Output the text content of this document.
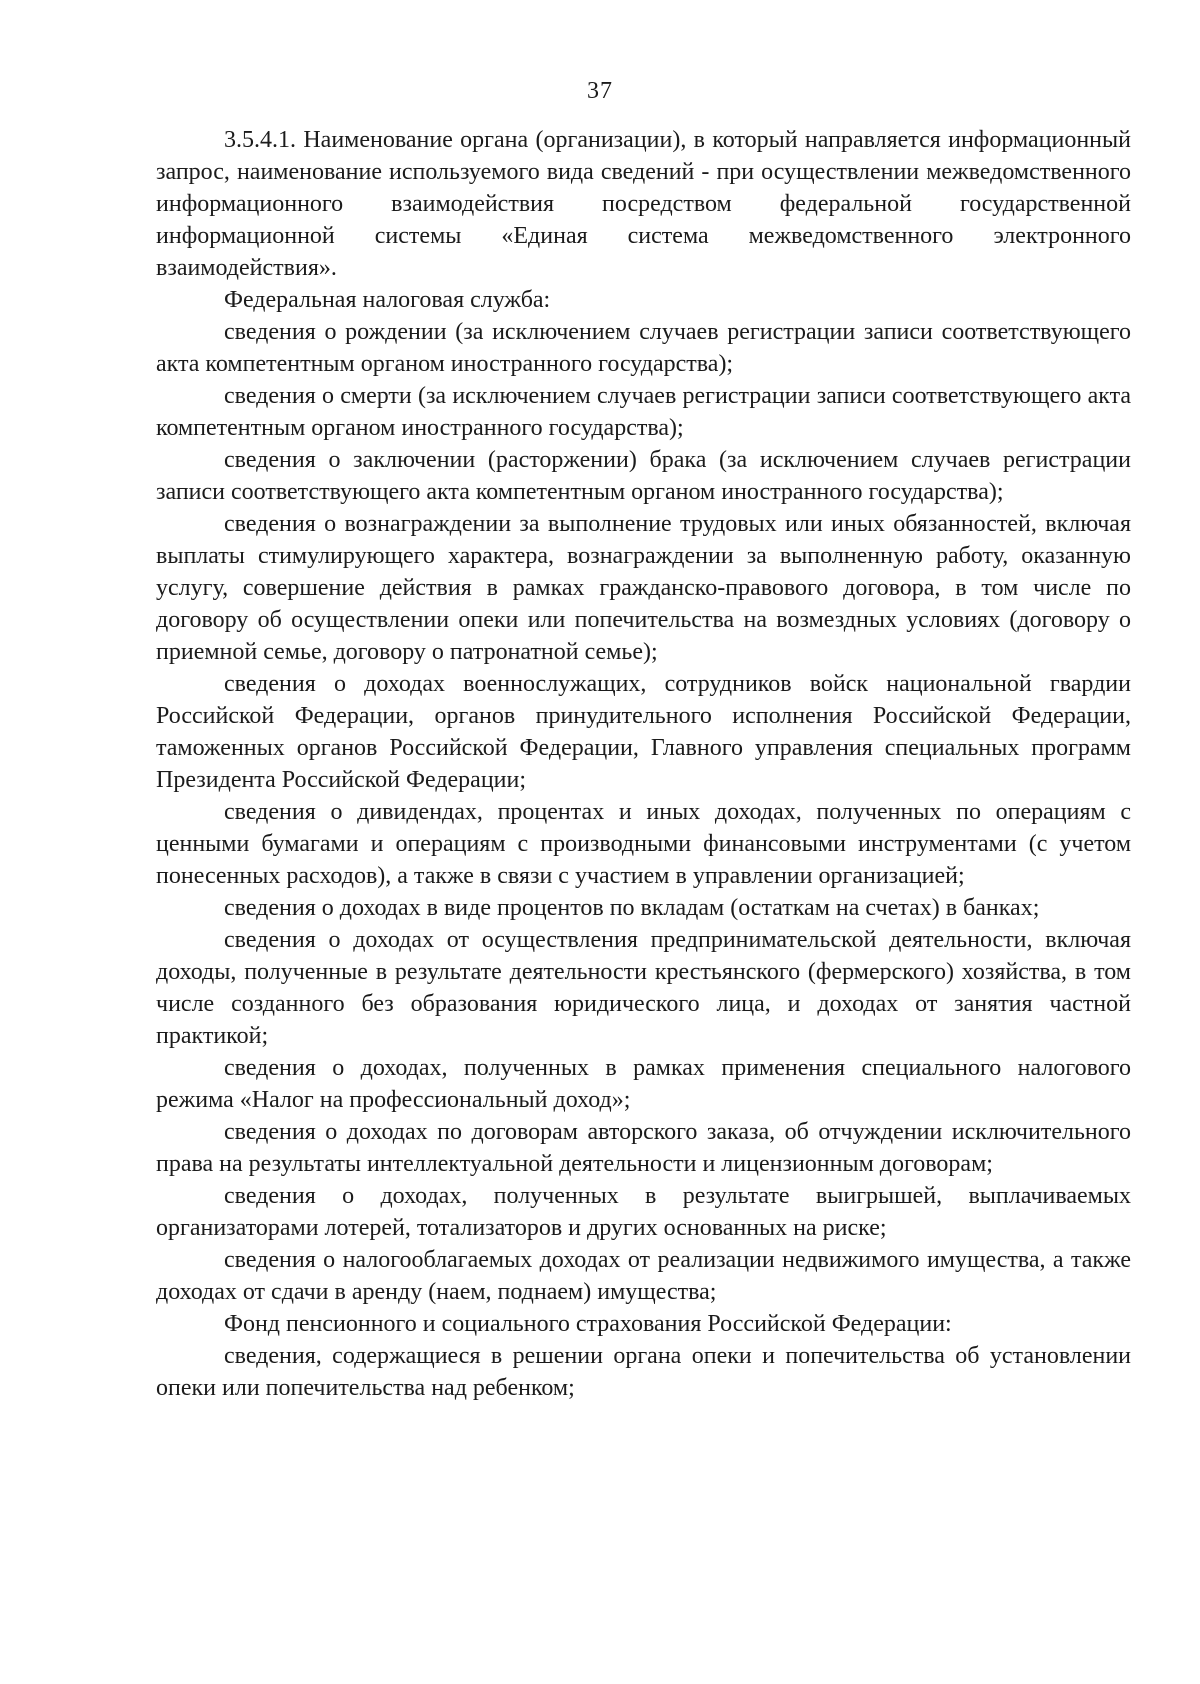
37

3.5.4.1. Наименование органа (организации), в который направляется информационный запрос, наименование используемого вида сведений - при осуществлении межведомственного информационного взаимодействия посредством федеральной государственной информационной системы «Единая система межведомственного электронного взаимодействия».

Федеральная налоговая служба:

сведения о рождении (за исключением случаев регистрации записи соответствующего акта компетентным органом иностранного государства);

сведения о смерти (за исключением случаев регистрации записи соответствующего акта компетентным органом иностранного государства);

сведения о заключении (расторжении) брака (за исключением случаев регистрации записи соответствующего акта компетентным органом иностранного государства);

сведения о вознаграждении за выполнение трудовых или иных обязанностей, включая выплаты стимулирующего характера, вознаграждении за выполненную работу, оказанную услугу, совершение действия в рамках гражданско-правового договора, в том числе по договору об осуществлении опеки или попечительства на возмездных условиях (договору о приемной семье, договору о патронатной семье);

сведения о доходах военнослужащих, сотрудников войск национальной гвардии Российской Федерации, органов принудительного исполнения Российской Федерации, таможенных органов Российской Федерации, Главного управления специальных программ Президента Российской Федерации;

сведения о дивидендах, процентах и иных доходах, полученных по операциям с ценными бумагами и операциям с производными финансовыми инструментами (с учетом понесенных расходов), а также в связи с участием в управлении организацией;

сведения о доходах в виде процентов по вкладам (остаткам на счетах) в банках;

сведения о доходах от осуществления предпринимательской деятельности, включая доходы, полученные в результате деятельности крестьянского (фермерского) хозяйства, в том числе созданного без образования юридического лица, и доходах от занятия частной практикой;

сведения о доходах, полученных в рамках применения специального налогового режима «Налог на профессиональный доход»;

сведения о доходах по договорам авторского заказа, об отчуждении исключительного права на результаты интеллектуальной деятельности и лицензионным договорам;

сведения о доходах, полученных в результате выигрышей, выплачиваемых организаторами лотерей, тотализаторов и других основанных на риске;

сведения о налогооблагаемых доходах от реализации недвижимого имущества, а также доходах от сдачи в аренду (наем, поднаем) имущества;

Фонд пенсионного и социального страхования Российской Федерации:

сведения, содержащиеся в решении органа опеки и попечительства об установлении опеки или попечительства над ребенком;
